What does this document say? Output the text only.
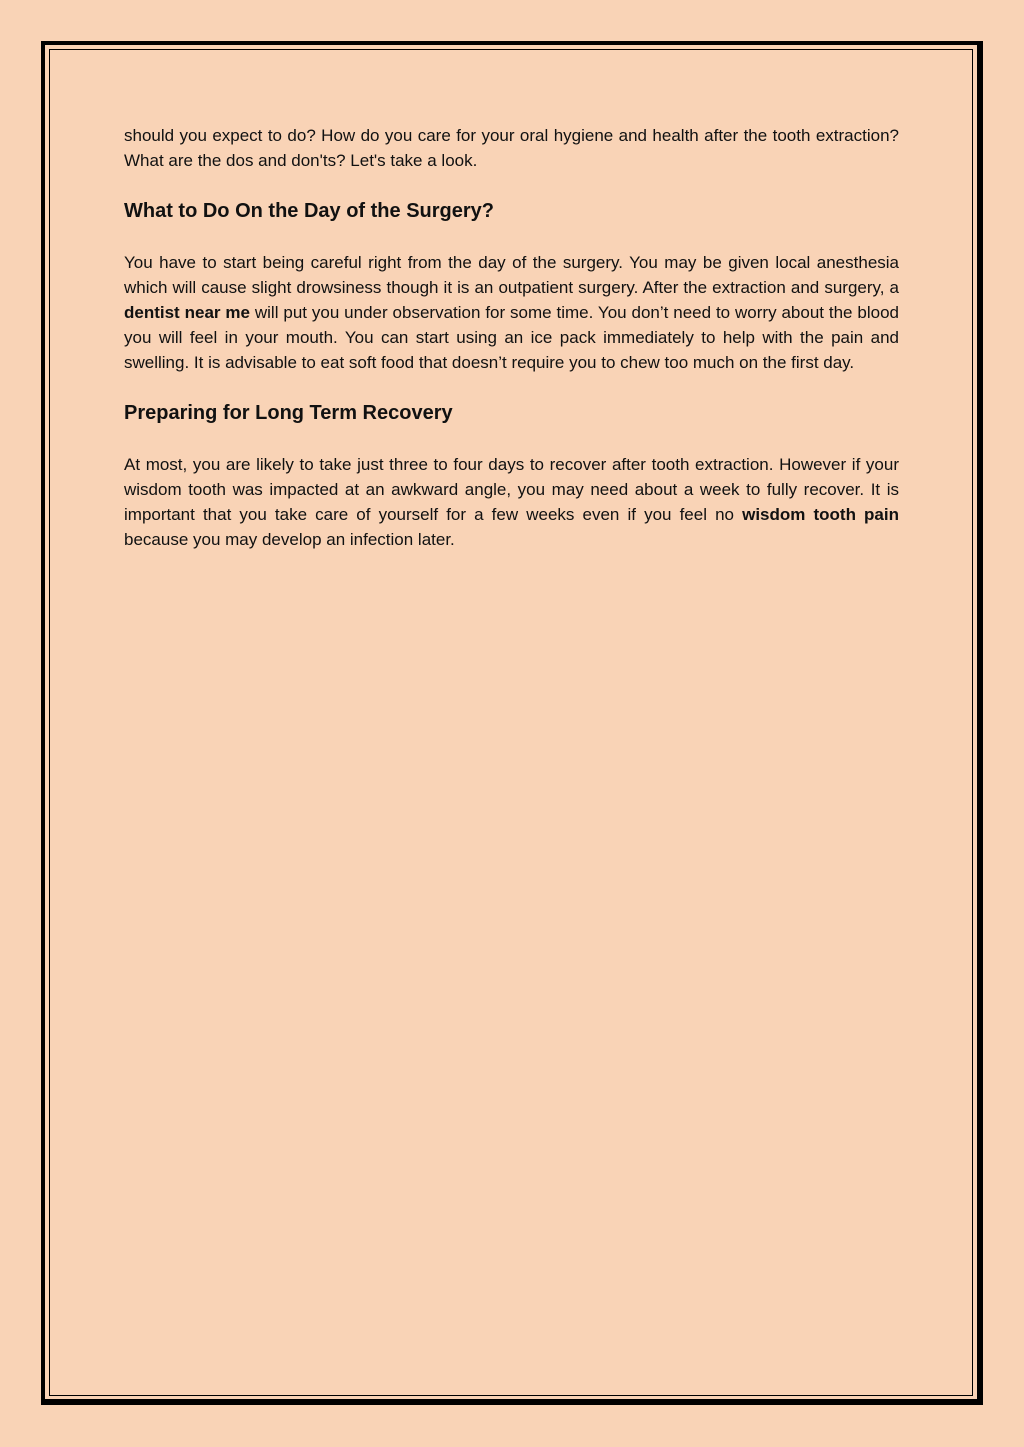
should you expect to do? How do you care for your oral hygiene and health after the tooth extraction? What are the dos and don'ts? Let's take a look.

What to Do On the Day of the Surgery?

You have to start being careful right from the day of the surgery. You may be given local anesthesia which will cause slight drowsiness though it is an outpatient surgery. After the extraction and surgery, a dentist near me will put you under observation for some time. You don’t need to worry about the blood you will feel in your mouth. You can start using an ice pack immediately to help with the pain and swelling. It is advisable to eat soft food that doesn’t require you to chew too much on the first day.

Preparing for Long Term Recovery

At most, you are likely to take just three to four days to recover after tooth extraction. However if your wisdom tooth was impacted at an awkward angle, you may need about a week to fully recover. It is important that you take care of yourself for a few weeks even if you feel no wisdom tooth pain because you may develop an infection later.
